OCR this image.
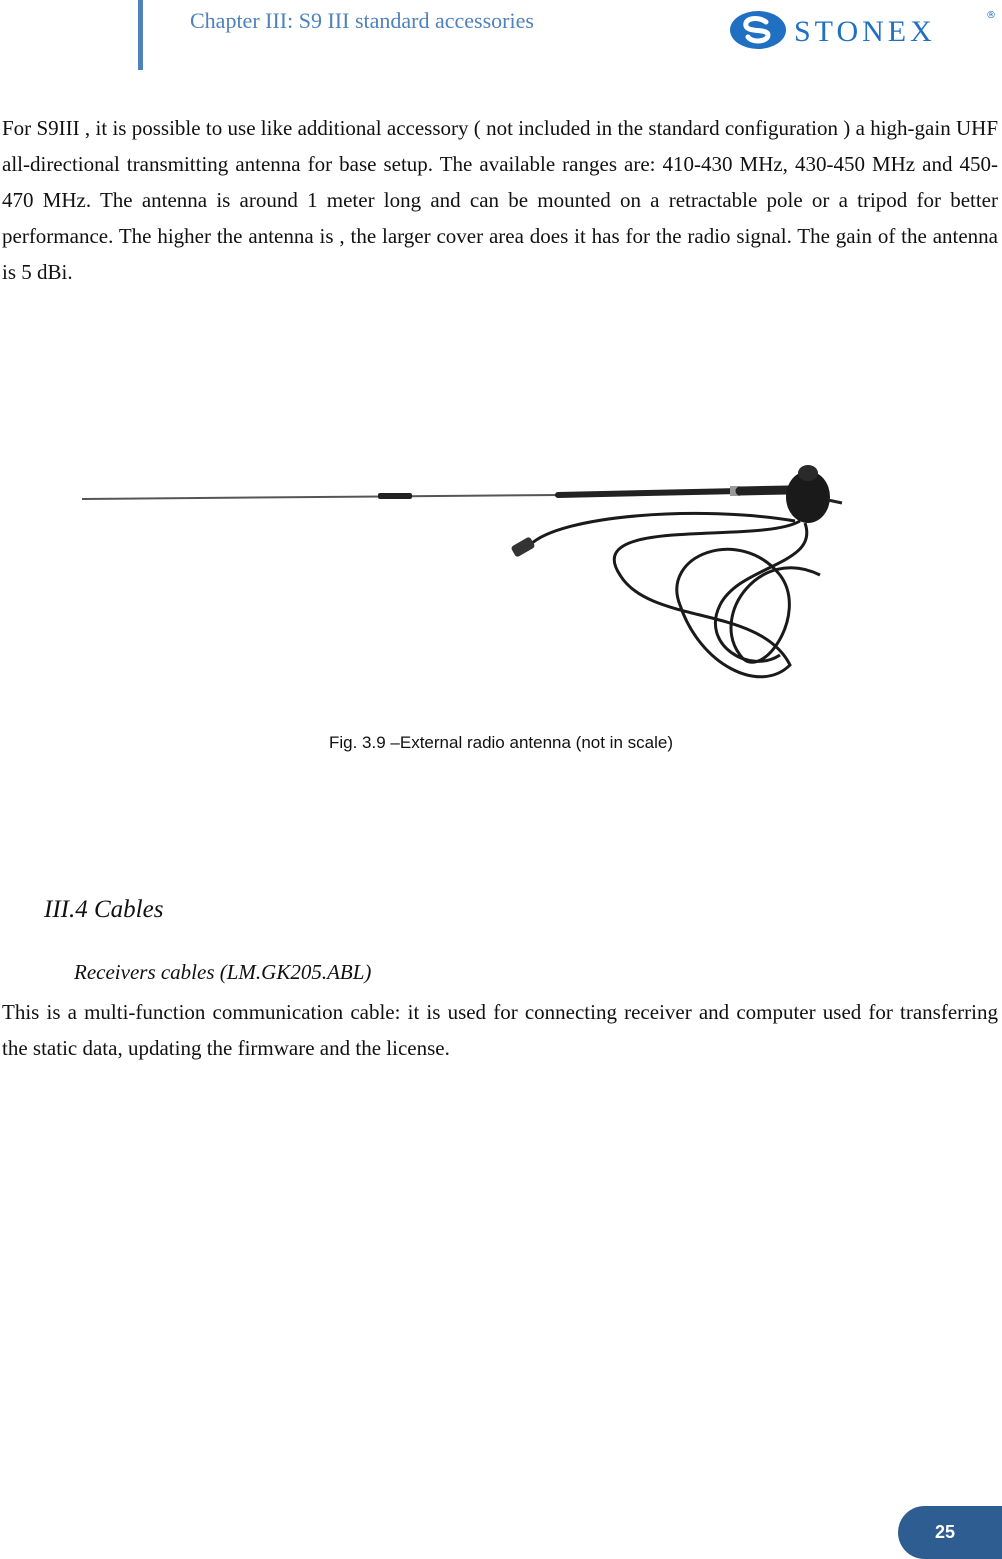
Chapter III: S9 III standard accessories	STONEX	®

For S9III , it is possible to use like additional accessory ( not included in the standard configuration ) a high-gain UHF all-directional transmitting antenna for base setup. The available ranges are: 410-430 MHz, 430-450 MHz and 450-470 MHz. The antenna is around 1 meter long and can be mounted on a retractable pole or a tripod for better performance. The higher the antenna is , the larger cover area does it has for the radio signal. The gain of the antenna is 5 dBi.

Fig. 3.9 –External radio antenna (not in scale)
III.4 Cables
Receivers cables (LM.GK205.ABL)

This is a multi-function communication cable: it is used for connecting receiver and computer used for transferring the static data, updating the firmware and the license.

25
